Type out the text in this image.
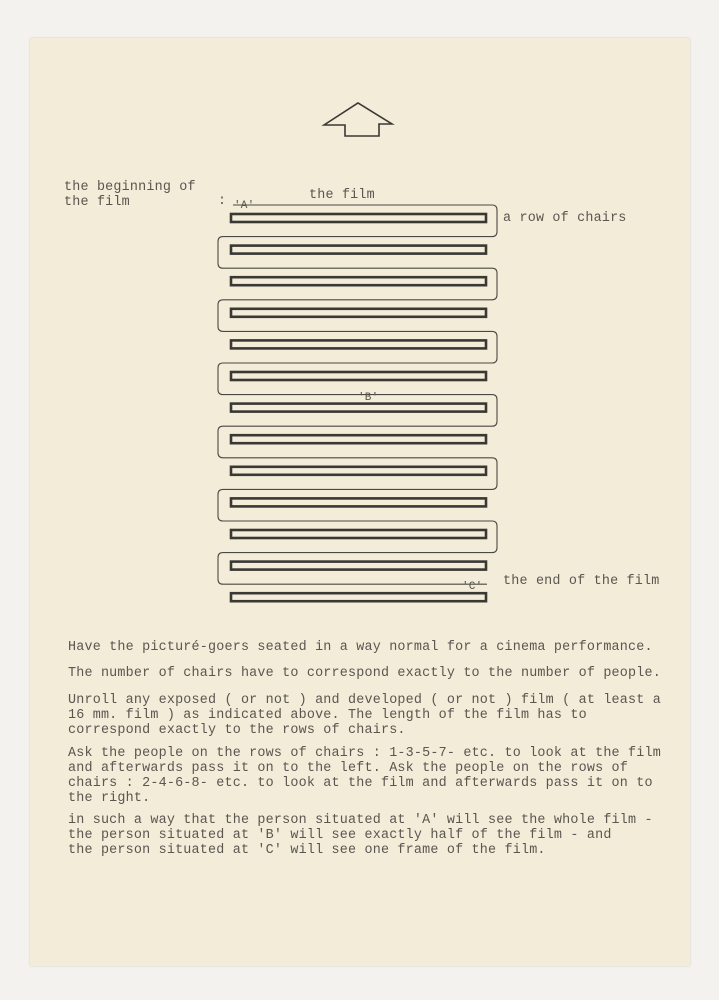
the beginning of
the film	:	the film
'A'
a row of chairs
'B'
'C' the end of the film
Have the picturé-goers seated in a way normal for a cinema performance.
The number of chairs have to correspond exactly to the number of people.
Unroll any exposed ( or not ) and developed ( or not ) film ( at least a
16 mm. film ) as indicated above. The length of the film has to
correspond exactly to the rows of chairs.
Ask the people on the rows of chairs : 1-3-5-7- etc. to look at the film
and afterwards pass it on to the left. Ask the people on the rows of
chairs : 2-4-6-8- etc. to look at the film and afterwards pass it on to
the right.
in such a way that the person situated at 'A' will see the whole film -
the person situated at 'B' will see exactly half of the film - and
the person situated at 'C' will see one frame of the film.
